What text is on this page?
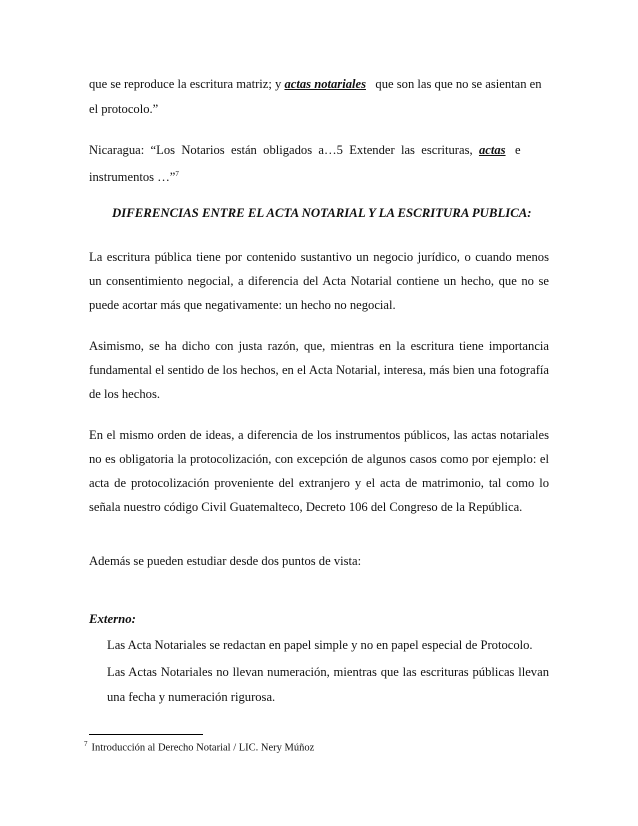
que se reproduce la escritura matriz; y actas notariales   que son las que no se asientan en
el protocolo.”
Nicaragua:  “Los  Notarios  están  obligados  a…5  Extender  las  escrituras,  actas   e
instrumentos …”$^7$
DIFERENCIAS ENTRE EL ACTA NOTARIAL Y LA ESCRITURA PUBLICA:
La escritura pública tiene por contenido sustantivo un negocio jurídico, o cuando menos
un consentimiento negocial, a diferencia del Acta Notarial contiene un hecho, que no se
puede acortar más que negativamente: un hecho no negocial.
Asimismo, se ha dicho con justa razón, que, mientras en la escritura tiene importancia
fundamental el sentido de los hechos, en el Acta Notarial, interesa, más bien una fotografía
de los hechos.
En el mismo orden de ideas, a diferencia de los instrumentos públicos, las actas notariales
no es obligatoria la protocolización, con excepción de algunos casos como por ejemplo: el
acta de protocolización proveniente del extranjero y el acta de matrimonio, tal como lo
señala nuestro código Civil Guatemalteco, Decreto 106 del Congreso de la República.
Además se pueden estudiar desde dos puntos de vista:
Externo:
Las Acta Notariales se redactan en papel simple y no en papel especial de Protocolo.
Las Actas Notariales no llevan numeración, mientras que las escrituras públicas llevan
una fecha y numeración rigurosa.
$^7$ Introducción al Derecho Notarial / LIC. Nery Múñoz
